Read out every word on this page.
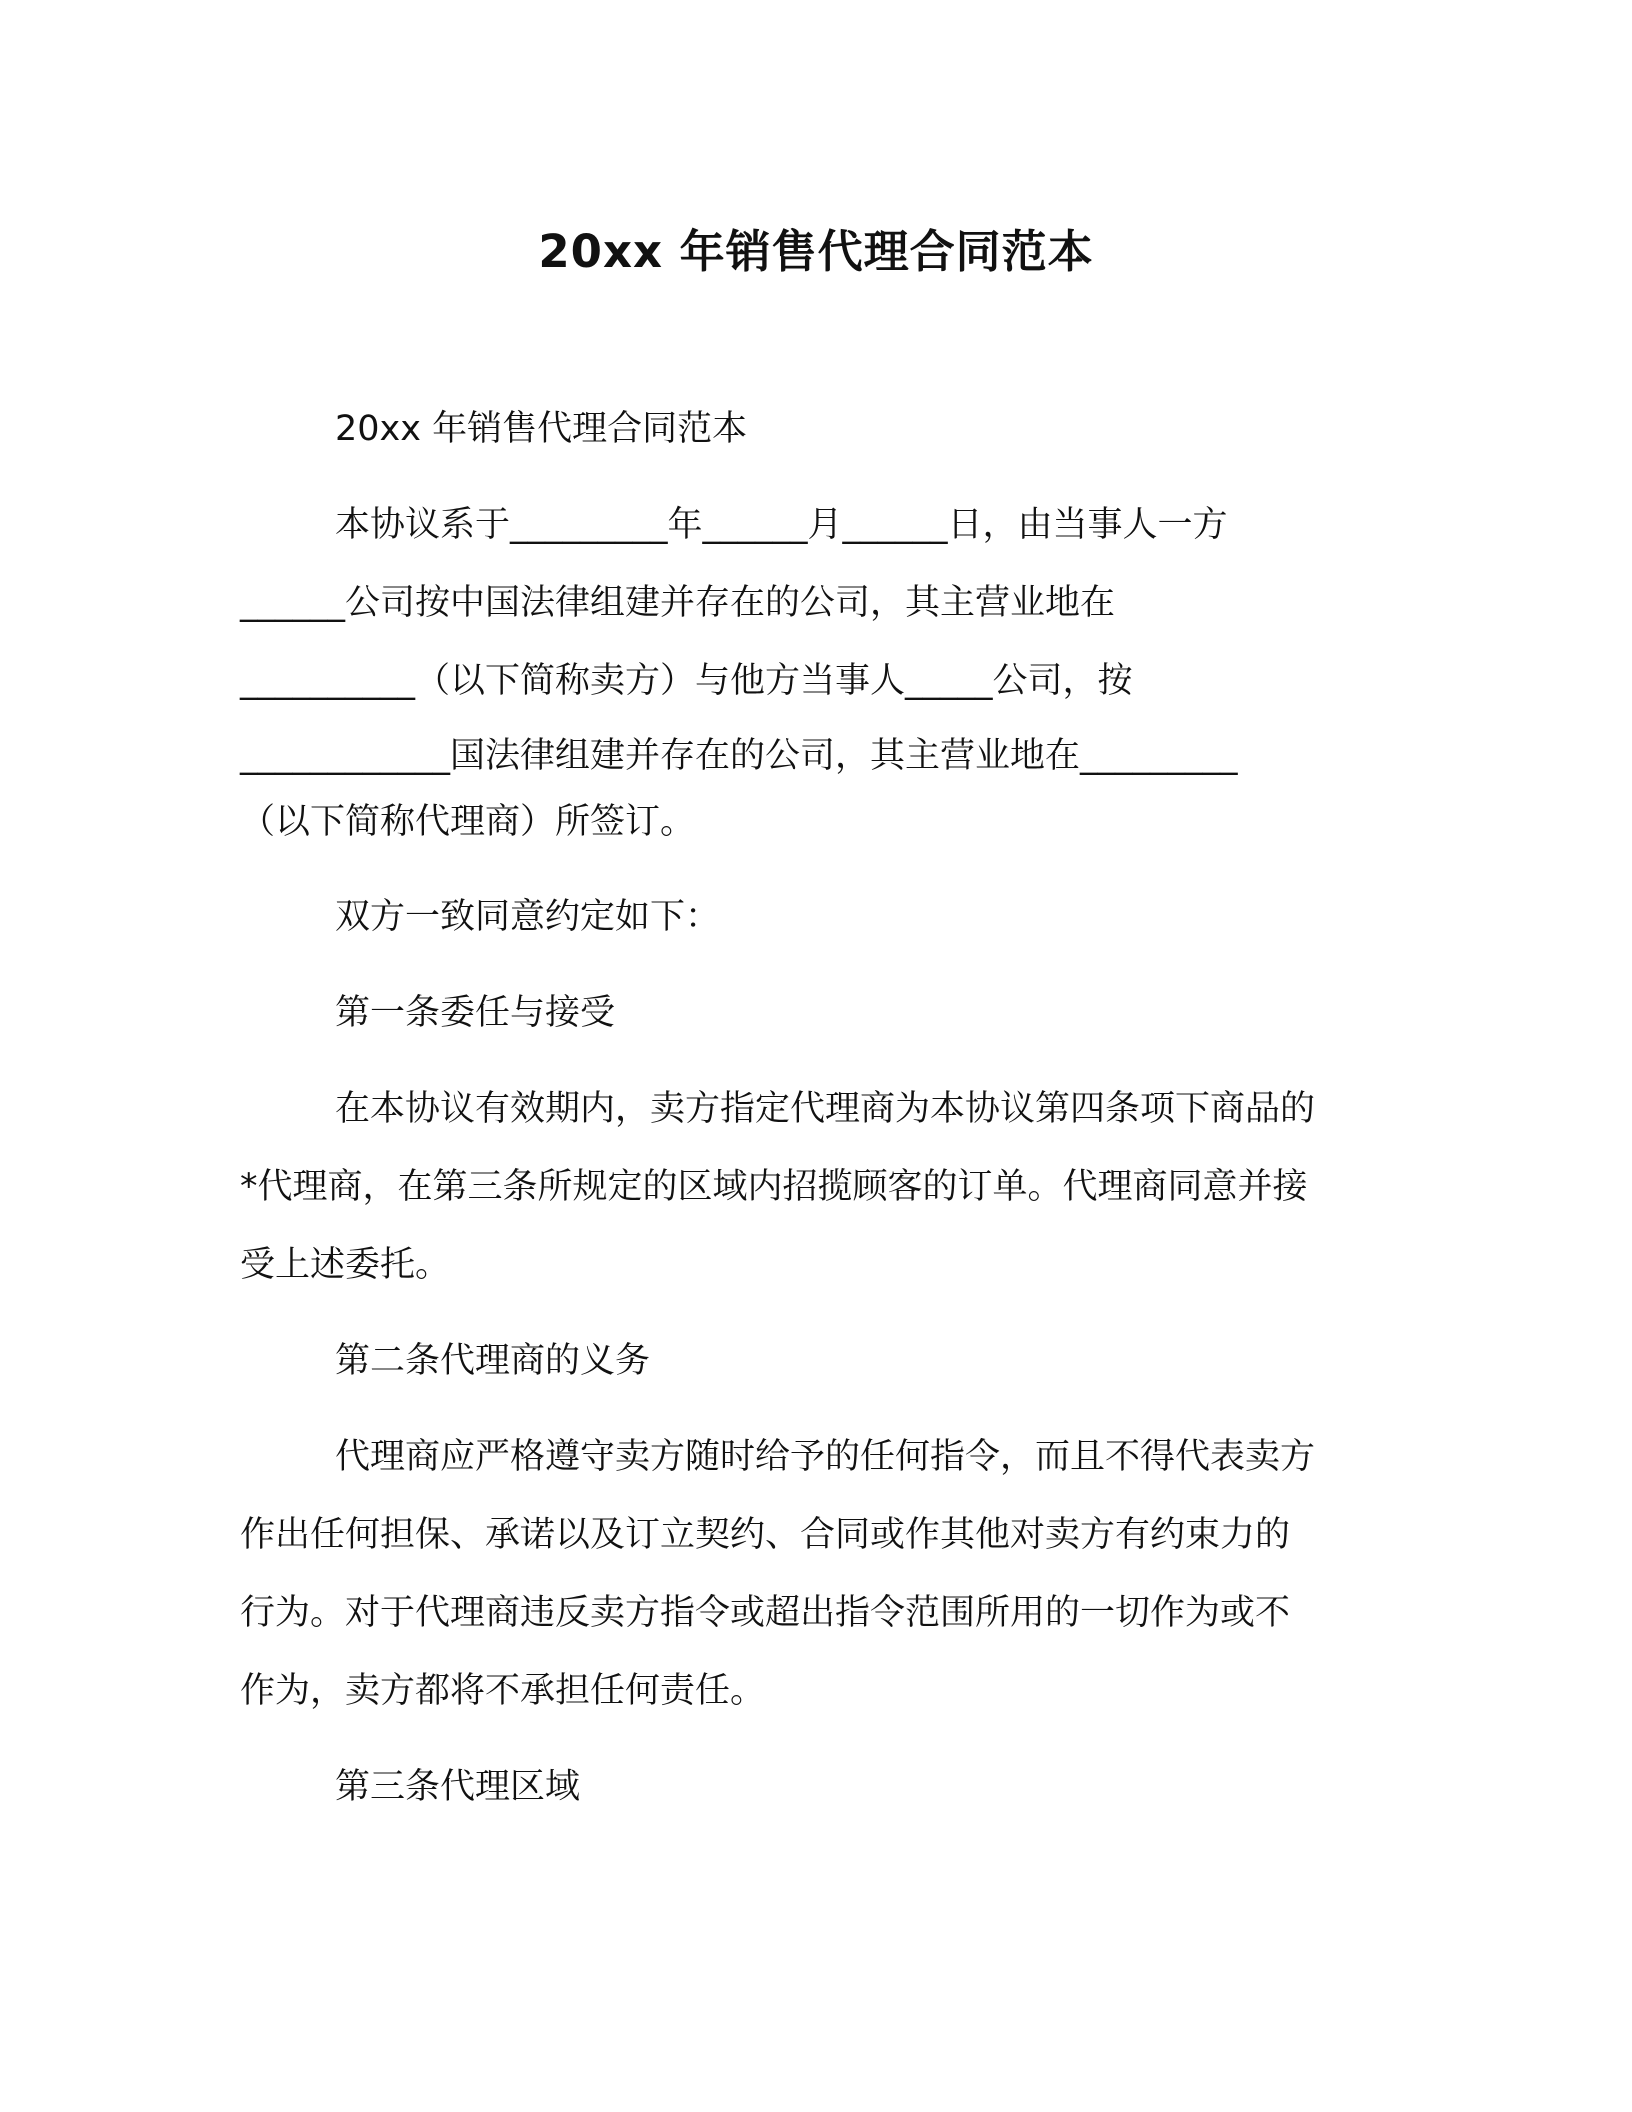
20xx 年销售代理合同范本

20xx 年销售代理合同范本

本协议系于_________年______月______日，由当事人一方

______公司按中国法律组建并存在的公司，其主营业地在

__________（以下简称卖方）与他方当事人_____公司，按

____________国法律组建并存在的公司，其主营业地在_________

（以下简称代理商）所签订。

双方一致同意约定如下：

第一条委任与接受

在本协议有效期内，卖方指定代理商为本协议第四条项下商品的

*代理商，在第三条所规定的区域内招揽顾客的订单。代理商同意并接

受上述委托。

第二条代理商的义务

代理商应严格遵守卖方随时给予的任何指令，而且不得代表卖方

作出任何担保、承诺以及订立契约、合同或作其他对卖方有约束力的

行为。对于代理商违反卖方指令或超出指令范围所用的一切作为或不

作为，卖方都将不承担任何责任。

第三条代理区域
